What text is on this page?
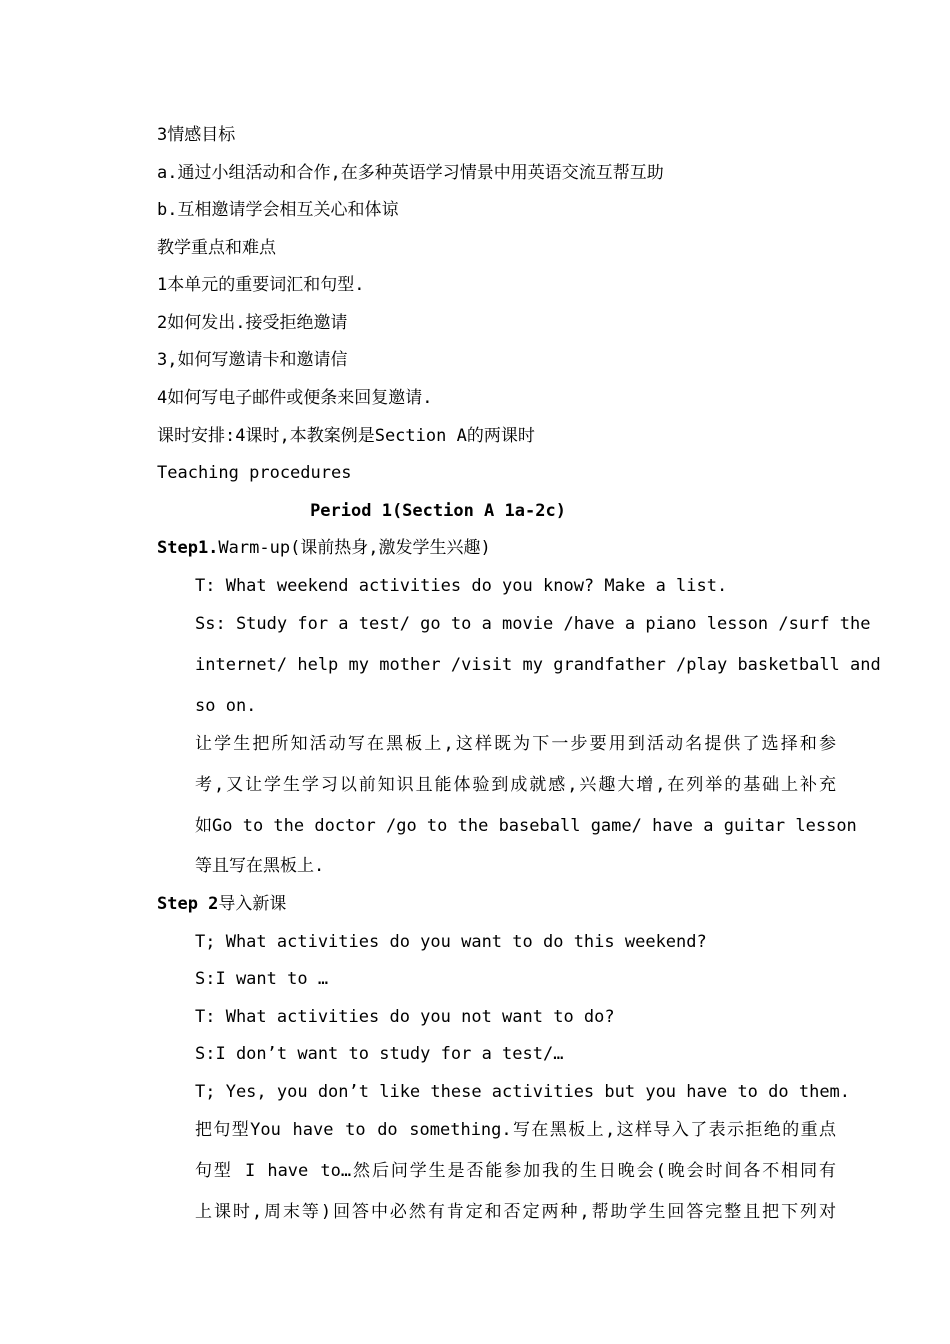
3情感目标
a.通过小组活动和合作,在多种英语学习情景中用英语交流互帮互助
b.互相邀请学会相互关心和体谅
教学重点和难点
1本单元的重要词汇和句型.
2如何发出.接受拒绝邀请
3,如何写邀请卡和邀请信
4如何写电子邮件或便条来回复邀请.
课时安排:4课时,本教案例是Section A的两课时
Teaching procedures
Period 1(Section A 1a-2c)
Step1.Warm-up(课前热身,激发学生兴趣)
T: What weekend activities do you know? Make a list.
Ss: Study for a test/ go to a movie /have a piano lesson /surf the
internet/ help my mother /visit my grandfather /play basketball and
so on.
让学生把所知活动写在黑板上,这样既为下一步要用到活动名提供了选择和参
考,又让学生学习以前知识且能体验到成就感,兴趣大增,在列举的基础上补充
如Go to the doctor /go to the baseball game/ have a guitar lesson
等且写在黑板上.
Step 2导入新课
T; What activities do you want to do this weekend?
S:I want to …
T: What activities do you not want to do?
S:I don’t want to study for a test/…
T; Yes, you don’t like these activities but you have to do them.
把句型You have to do something.写在黑板上,这样导入了表示拒绝的重点
句型 I have to…然后问学生是否能参加我的生日晚会(晚会时间各不相同有
上课时,周末等)回答中必然有肯定和否定两种,帮助学生回答完整且把下列对
